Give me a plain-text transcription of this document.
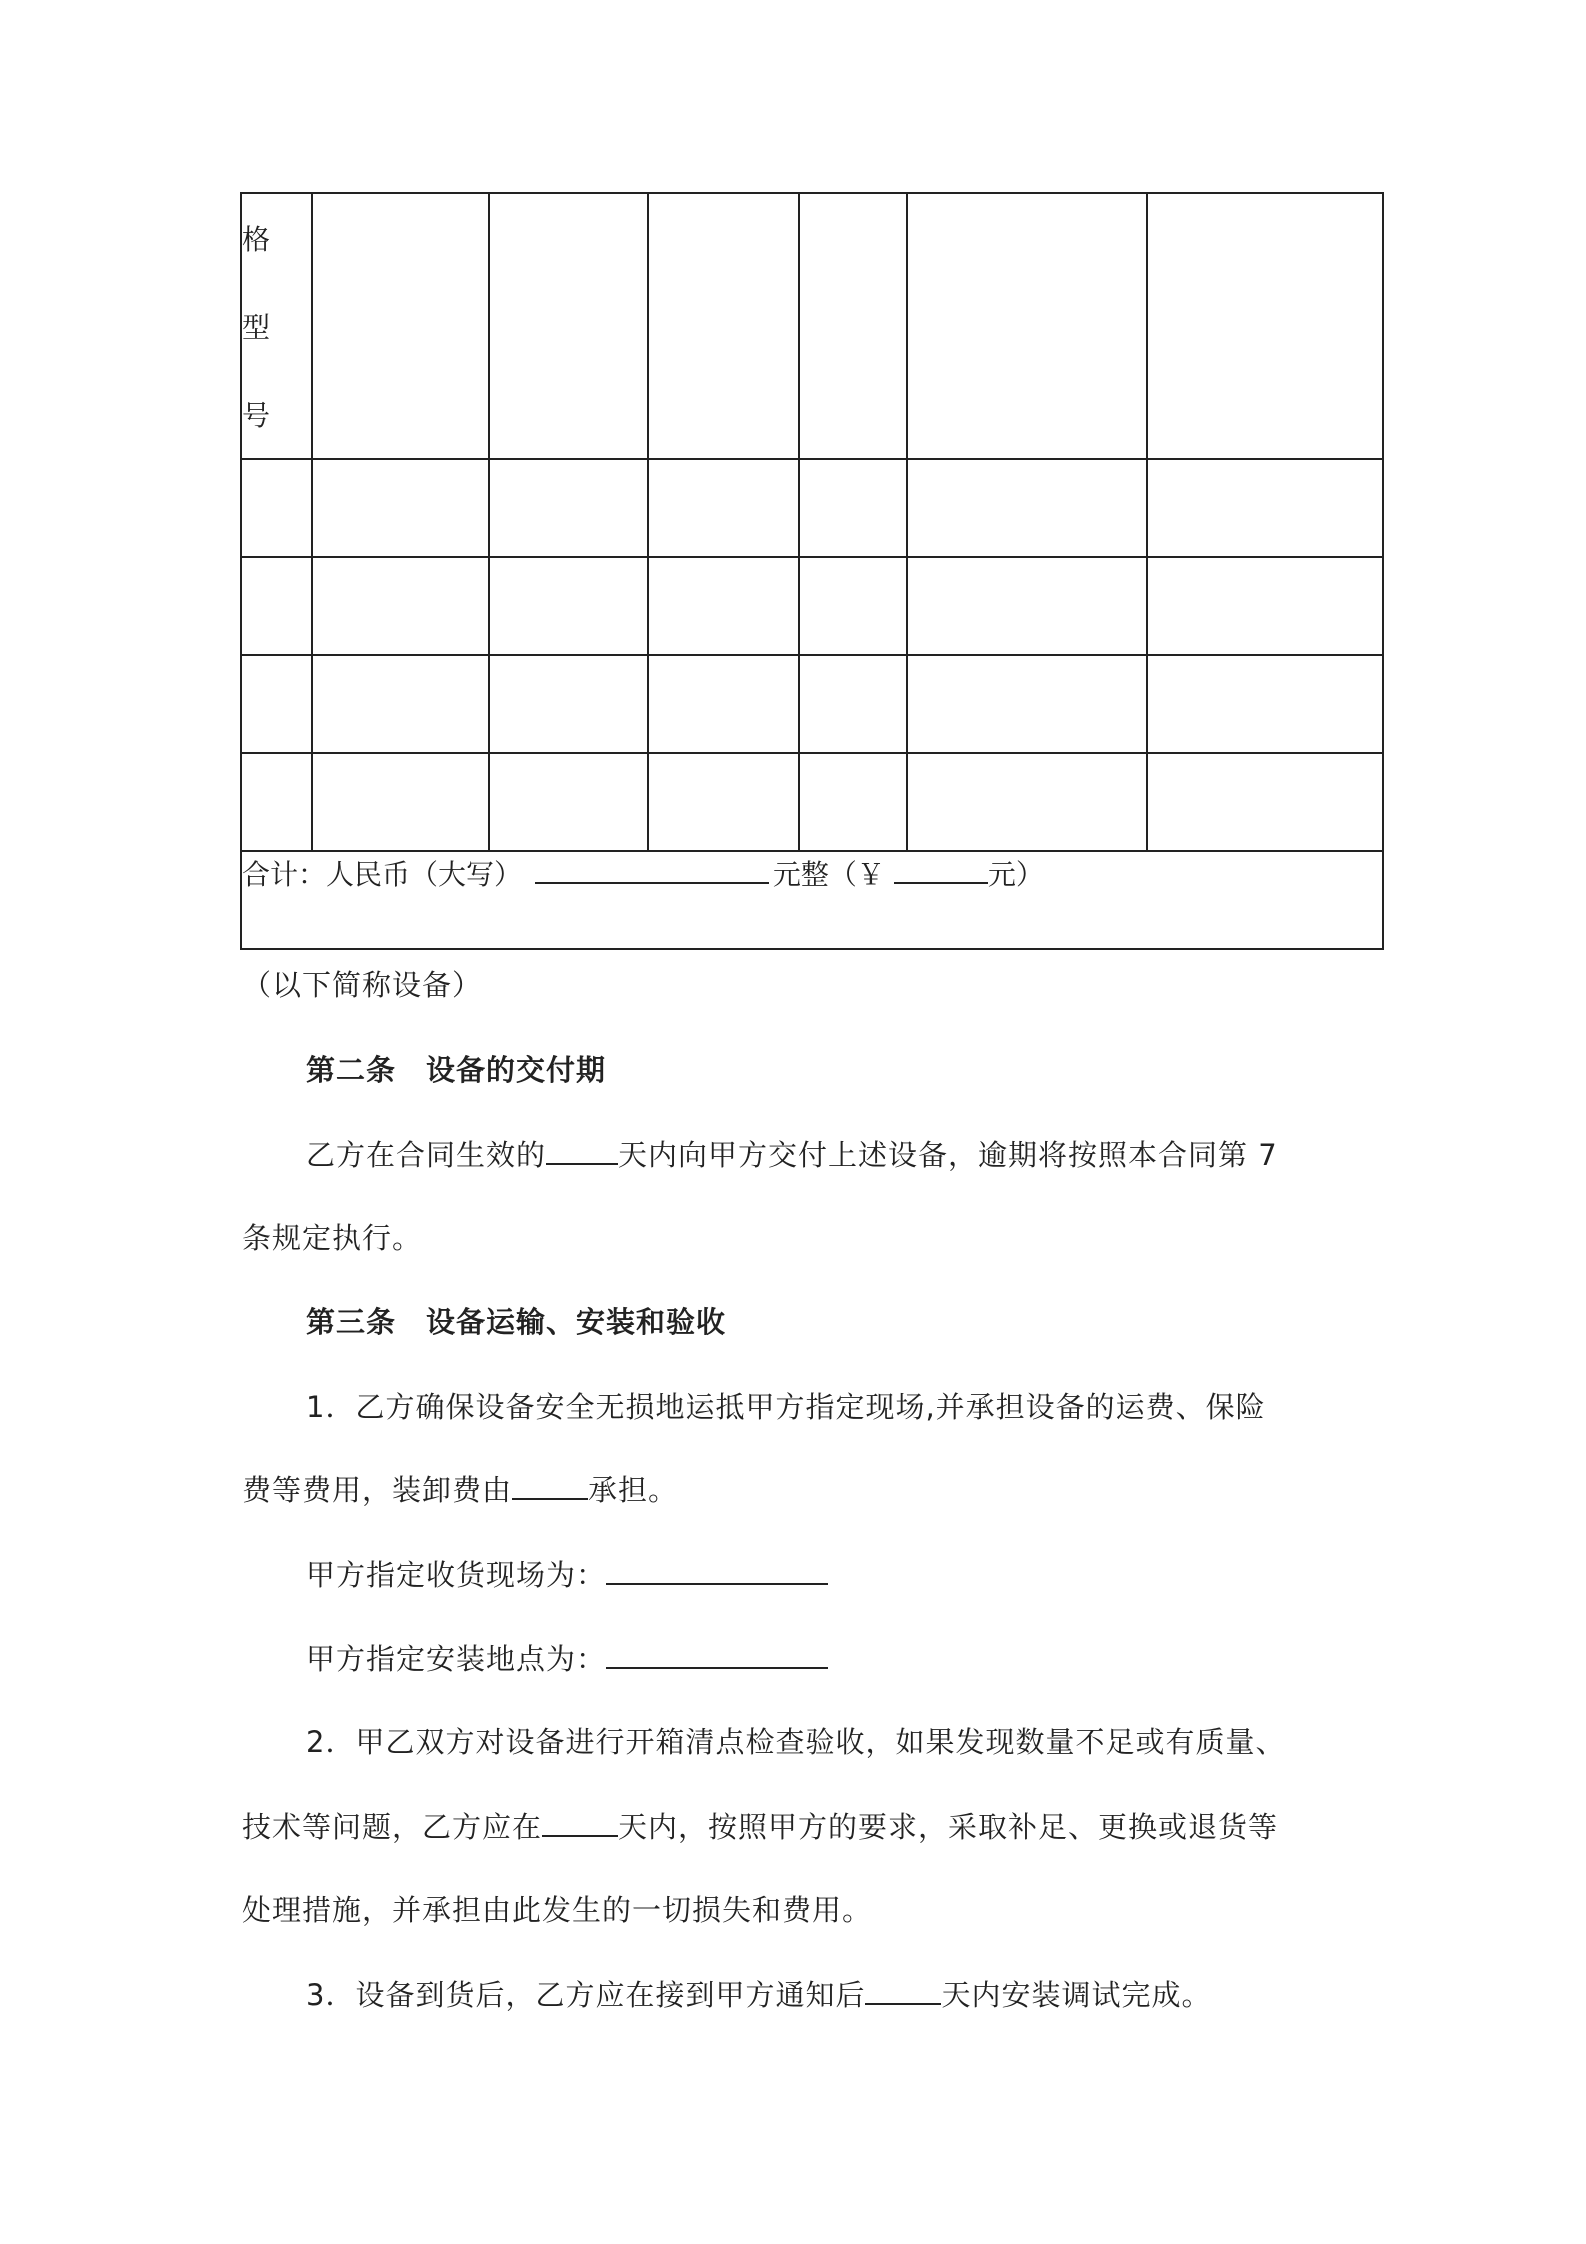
格
型
号						

合计：人民币（大写） 元整（￥ 元）						
（以下简称设备）
第二条　设备的交付期
乙方在合同生效的 天内向甲方交付上述设备，逾期将按照本合同第 7
条规定执行。
第三条　设备运输、安装和验收
1．乙方确保设备安全无损地运抵甲方指定现场,并承担设备的运费、保险
费等费用，装卸费由	承担。
甲方指定收货现场为：
甲方指定安装地点为：
2．甲乙双方对设备进行开箱清点检查验收，如果发现数量不足或有质量、
技术等问题，乙方应在	天内，按照甲方的要求，采取补足、更换或退货等
处理措施，并承担由此发生的一切损失和费用。
3．设备到货后，乙方应在接到甲方通知后	天内安装调试完成。
